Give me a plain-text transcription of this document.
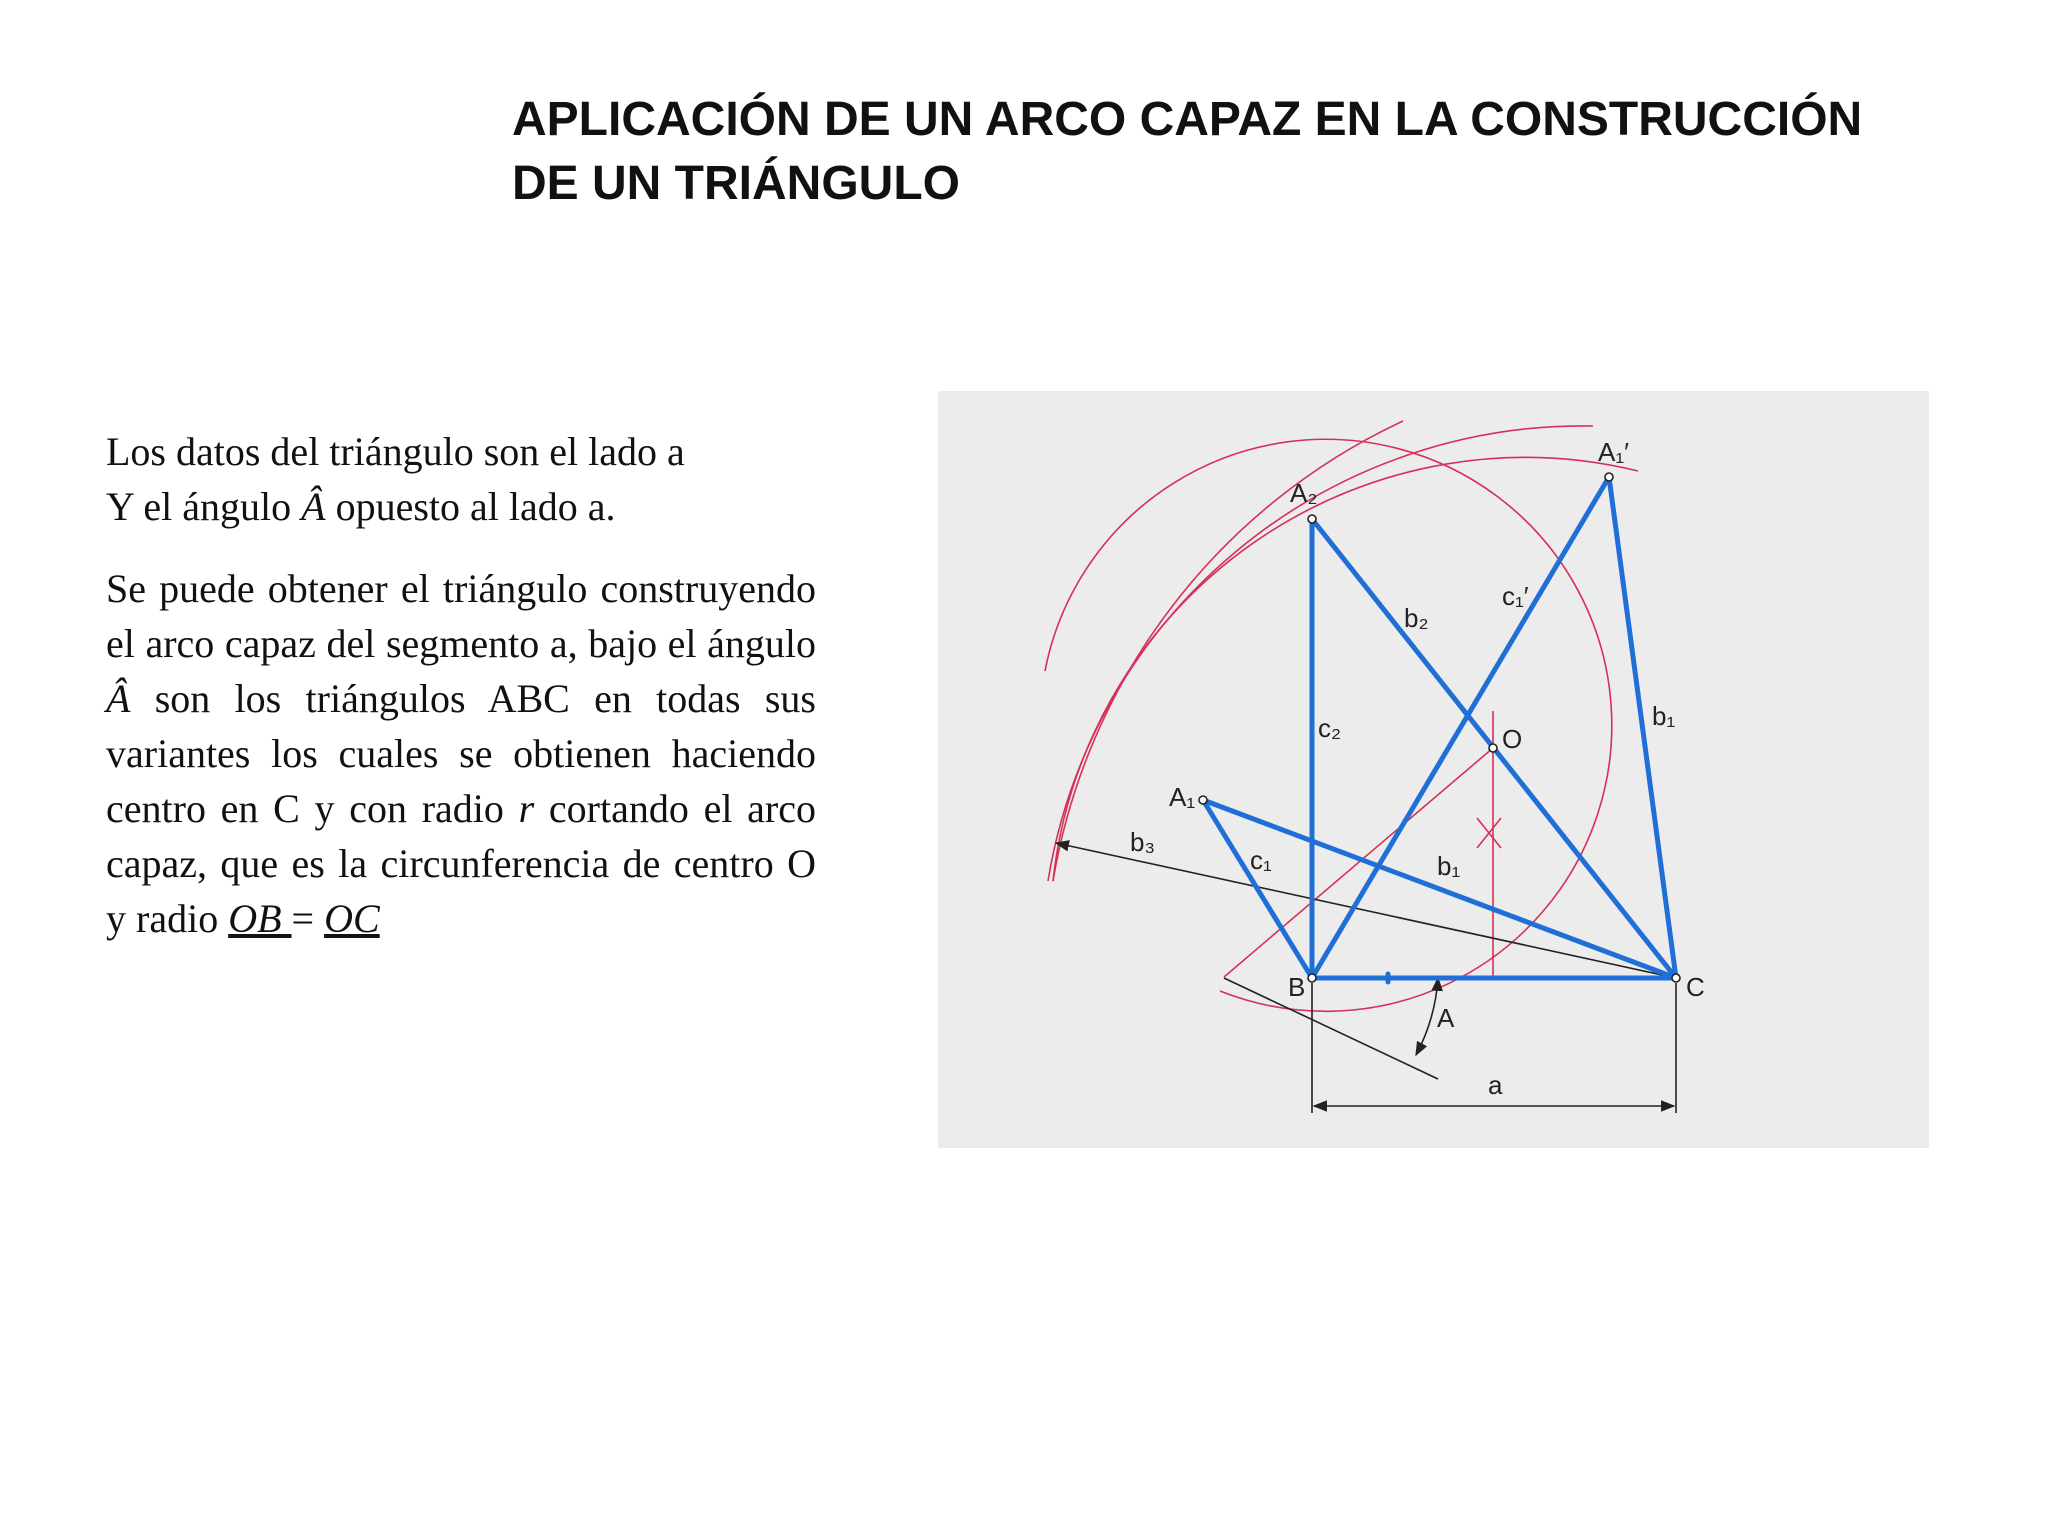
APLICACIÓN DE UN ARCO CAPAZ EN LA CONSTRUCCIÓN
DE UN TRIÁNGULO

Los datos del triángulo son el lado a
Y el ángulo Â opuesto al lado a.

Se puede obtener el triángulo construyendo el arco capaz del segmento a, bajo el ángulo Â son los triángulos ABC en todas sus variantes los cuales se obtienen haciendo centro en C y con radio r cortando el arco capaz, que es la circunferencia de centro O y radio OB = OC

A₁′
A₂
A₁
O
B	C
A
a
b₁
b₁
b₂
b₃
c₁
c₁′
c₂
